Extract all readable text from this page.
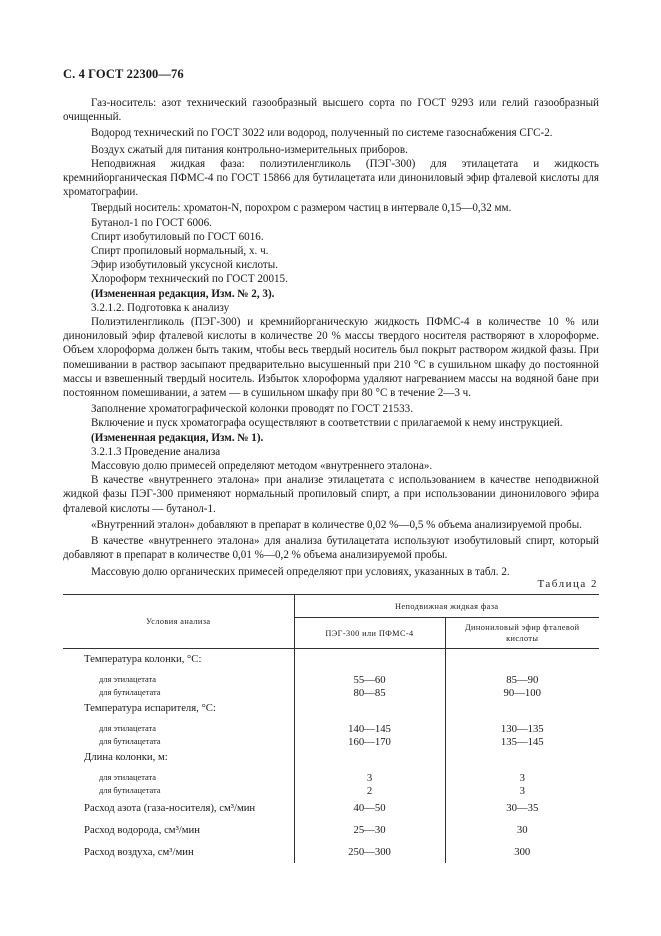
С. 4 ГОСТ 22300—76

Газ-носитель: азот технический газообразный высшего сорта по ГОСТ 9293 или гелий газообразный очищенный.

Водород технический по ГОСТ 3022 или водород, полученный по системе газоснабжения СГС-2.

Воздух сжатый для питания контрольно-измерительных приборов.

Неподвижная жидкая фаза: полиэтиленгликоль (ПЭГ-300) для этилацетата и жидкость кремнийорганическая ПФМС-4 по ГОСТ 15866 для бутилацетата или динониловый эфир фталевой кислоты для хроматографии.

Твердый носитель: хроматон-N, порохром с размером частиц в интервале 0,15—0,32 мм.

Бутанол-1 по ГОСТ 6006.

Спирт изобутиловый по ГОСТ 6016.

Спирт пропиловый нормальный, х. ч.

Эфир изобутиловый уксусной кислоты.

Хлороформ технический по ГОСТ 20015.

(Измененная редакция, Изм. № 2, 3).

3.2.1.2. Подготовка к анализу

Полиэтиленгликоль (ПЭГ-300) и кремнийорганическую жидкость ПФМС-4 в количестве 10 % или динониловый эфир фталевой кислоты в количестве 20 % массы твердого носителя растворяют в хлороформе. Объем хлороформа должен быть таким, чтобы весь твердый носитель был покрыт раствором жидкой фазы. При помешивании в раствор засыпают предварительно высушенный при 210 °С в сушильном шкафу до постоянной массы и взвешенный твердый носитель. Избыток хлороформа удаляют нагреванием массы на водяной бане при постоянном помешивании, а затем — в сушильном шкафу при 80 °С в течение 2—3 ч.

Заполнение хроматографической колонки проводят по ГОСТ 21533.

Включение и пуск хроматографа осуществляют в соответствии с прилагаемой к нему инструкцией.

(Измененная редакция, Изм. № 1).

3.2.1.3 Проведение анализа

Массовую долю примесей определяют методом «внутреннего эталона».

В качестве «внутреннего эталона» при анализе этилацетата с использованием в качестве неподвижной жидкой фазы ПЭГ-300 применяют нормальный пропиловый спирт, а при использовании динонилового эфира фталевой кислоты — бутанол-1.

«Внутренний эталон» добавляют в препарат в количестве 0,02 %—0,5 % объема анализируемой пробы.

В качестве «внутреннего эталона» для анализа бутилацетата используют изобутиловый спирт, который добавляют в препарат в количестве 0,01 %—0,2 % объема анализируемой пробы.

Массовую долю органических примесей определяют при условиях, указанных в табл. 2.

Таблица 2
Условия анализа	Неподвижная жидкая фаза	
	ПЭГ-300 или ПФМС-4	Динониловый эфир фталевой кислоты
Температура колонки, °С:		
для этилацетата	55—60	85—90
для бутилацетата	80—85	90—100
Температура испарителя, °С:		
для этилацетата	140—145	130—135
для бутилацетата	160—170	135—145
Длина колонки, м:		
для этилацетата	3	3
для бутилацетата	2	3
Расход азота (газа-носителя), см³/мин	40—50	30—35
Расход водорода, см³/мин	25—30	30
Расход воздуха, см³/мин	250—300	300
